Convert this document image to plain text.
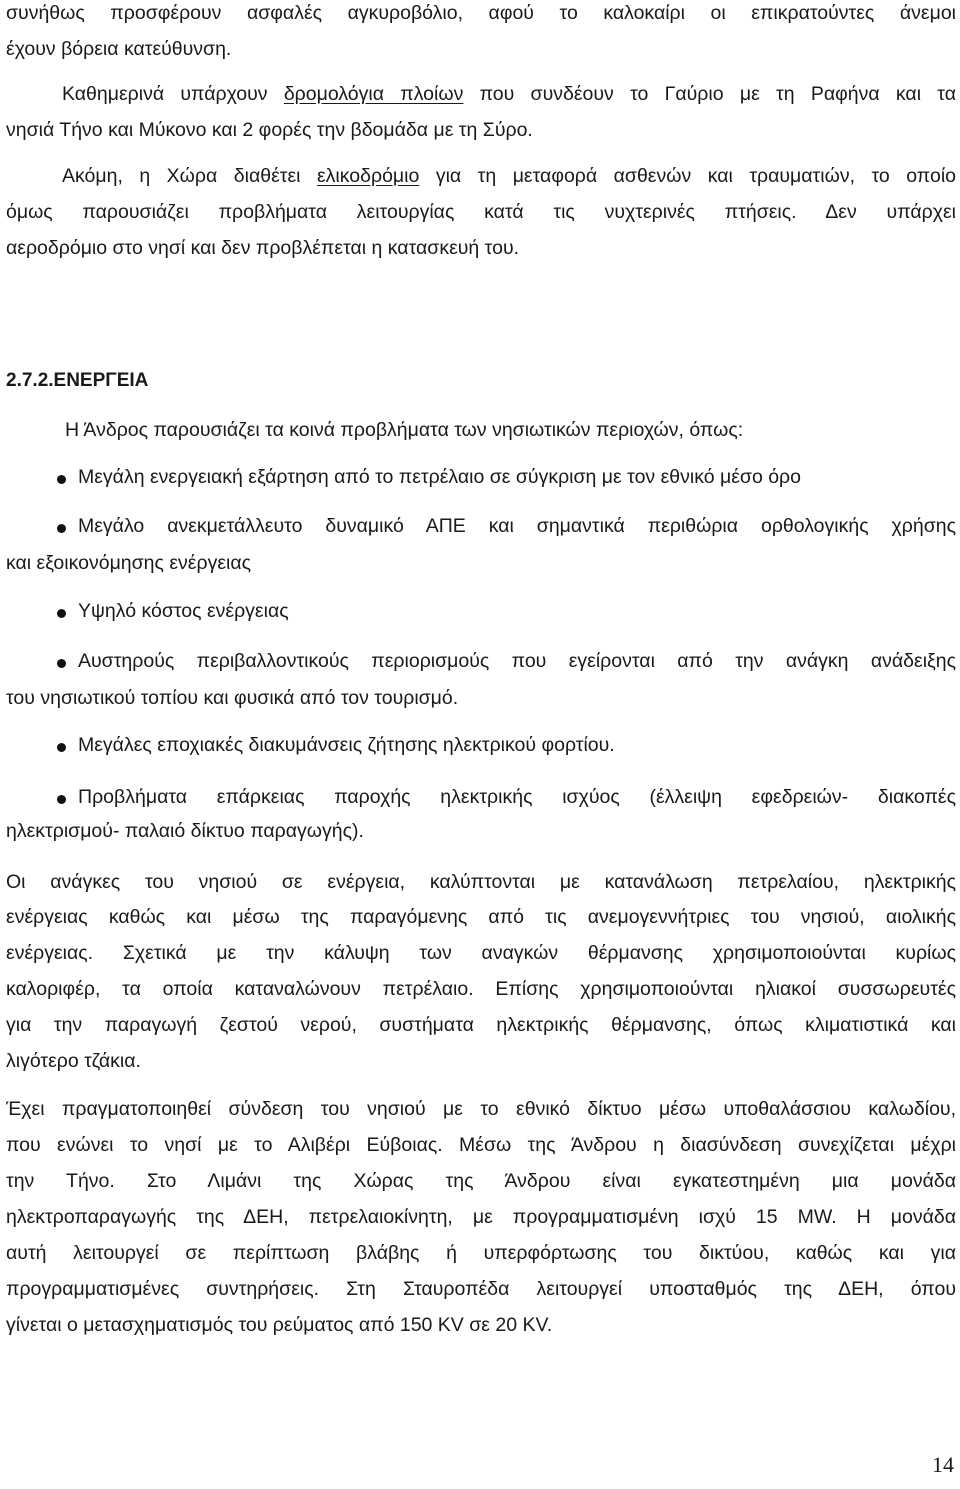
συνήθως προσφέρουν ασφαλές αγκυροβόλιο, αφού το καλοκαίρι οι επικρατούντες άνεμοι
έχουν βόρεια κατεύθυνση.
Καθημερινά υπάρχουν δρομολόγια πλοίων που συνδέουν το Γαύριο με τη Ραφήνα και τα
νησιά Τήνο και Μύκονο και 2 φορές την βδομάδα με τη Σύρο.
Ακόμη, η Χώρα διαθέτει ελικοδρόμιο για τη μεταφορά ασθενών και τραυματιών, το οποίο
όμως παρουσιάζει προβλήματα λειτουργίας κατά τις νυχτερινές πτήσεις. Δεν υπάρχει
αεροδρόμιο στο νησί και δεν προβλέπεται η κατασκευή του.
2.7.2.ΕΝΕΡΓΕΙΑ
Η Άνδρος παρουσιάζει τα κοινά προβλήματα των νησιωτικών περιοχών, όπως:
Μεγάλη ενεργειακή εξάρτηση από το πετρέλαιο σε σύγκριση με τον εθνικό μέσο όρο
Μεγάλο ανεκμετάλλευτο δυναμικό ΑΠΕ και σημαντικά περιθώρια ορθολογικής χρήσης
και εξοικονόμησης ενέργειας
Υψηλό κόστος ενέργειας
Αυστηρούς περιβαλλοντικούς περιορισμούς που εγείρονται από την ανάγκη ανάδειξης
του νησιωτικού τοπίου και φυσικά από τον τουρισμό.
Μεγάλες εποχιακές διακυμάνσεις ζήτησης ηλεκτρικού φορτίου.
Προβλήματα επάρκειας παροχής ηλεκτρικής ισχύος (έλλειψη εφεδρειών- διακοπές
ηλεκτρισμού- παλαιό δίκτυο παραγωγής).
Οι ανάγκες του νησιού σε ενέργεια, καλύπτονται με κατανάλωση πετρελαίου, ηλεκτρικής
ενέργειας καθώς και μέσω της παραγόμενης από τις ανεμογεννήτριες του νησιού, αιολικής
ενέργειας. Σχετικά με την κάλυψη των αναγκών θέρμανσης χρησιμοποιούνται κυρίως
καλοριφέρ, τα οποία καταναλώνουν πετρέλαιο. Επίσης χρησιμοποιούνται ηλιακοί συσσωρευτές
για την παραγωγή ζεστού νερού, συστήματα ηλεκτρικής θέρμανσης, όπως κλιματιστικά και
λιγότερο τζάκια.
Έχει πραγματοποιηθεί σύνδεση του νησιού με το εθνικό δίκτυο μέσω υποθαλάσσιου καλωδίου,
που ενώνει το νησί με το Αλιβέρι Εύβοιας. Μέσω της Άνδρου η διασύνδεση συνεχίζεται μέχρι
την Τήνο. Στο Λιμάνι της Χώρας της Άνδρου είναι εγκατεστημένη μια μονάδα
ηλεκτροπαραγωγής της ΔΕΗ, πετρελαιοκίνητη, με προγραμματισμένη ισχύ 15 MW. Η μονάδα
αυτή λειτουργεί σε περίπτωση βλάβης ή υπερφόρτωσης του δικτύου, καθώς και για
προγραμματισμένες συντηρήσεις. Στη Σταυροπέδα λειτουργεί υποσταθμός της ΔΕΗ, όπου
γίνεται ο μετασχηματισμός του ρεύματος από 150 KV σε 20 KV.
14
